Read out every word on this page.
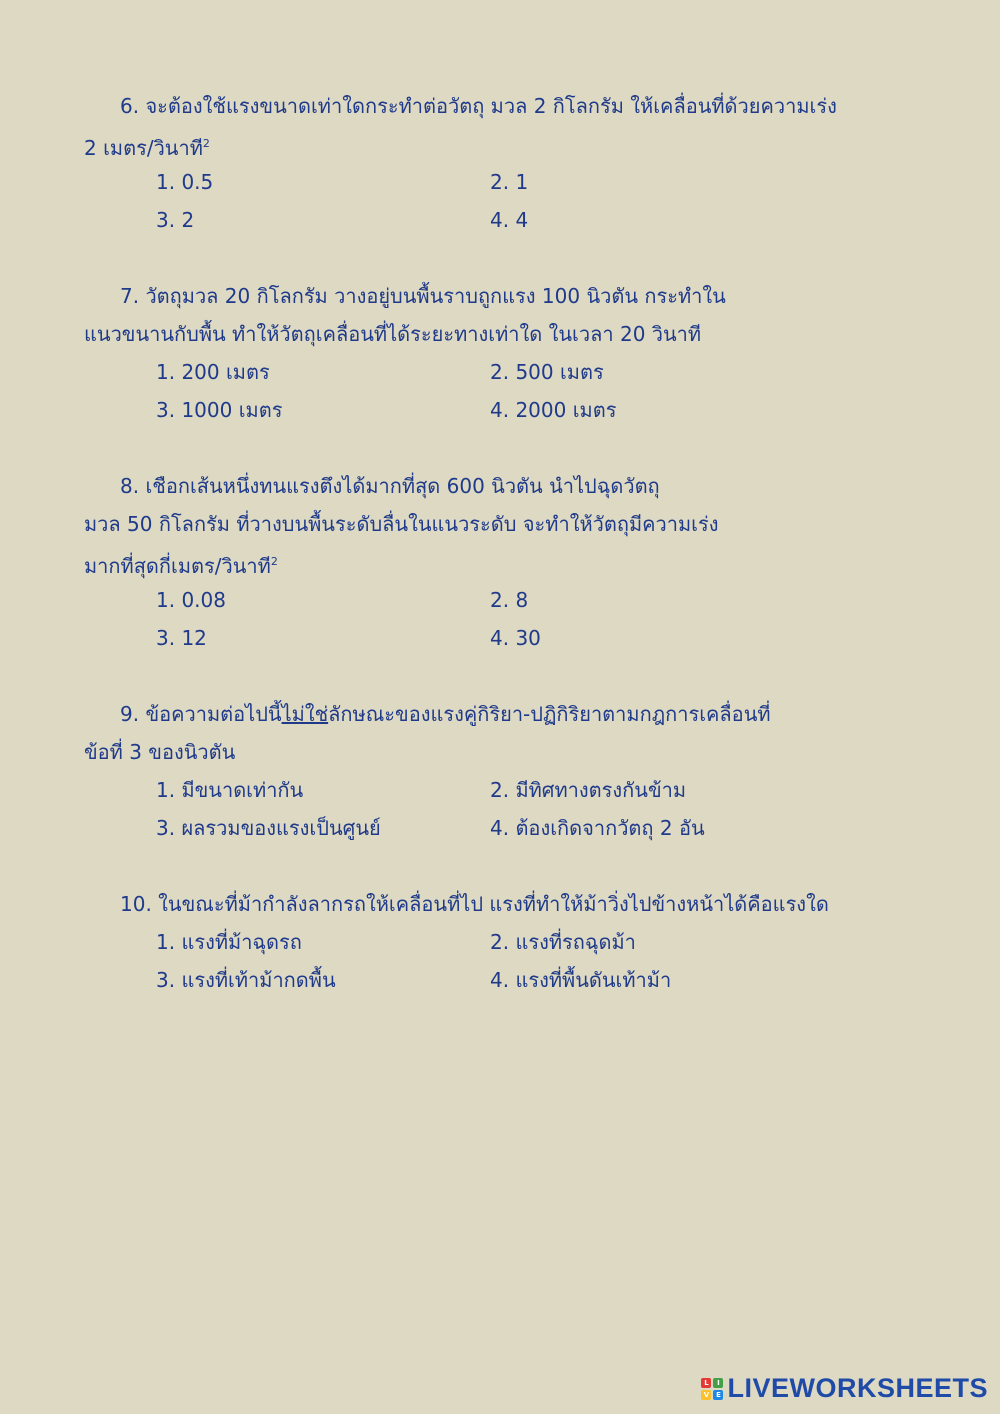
6. จะต้องใช้แรงขนาดเท่าใดกระทำต่อวัตถุ มวล 2 กิโลกรัม ให้เคลื่อนที่ด้วยความเร่ง
2 เมตร/วินาที$^2$
1. 0.5	2. 1
3. 2	4. 4
7. วัตถุมวล 20 กิโลกรัม วางอยู่บนพื้นราบถูกแรง 100 นิวตัน กระทำใน
แนวขนานกับพื้น ทำให้วัตถุเคลื่อนที่ได้ระยะทางเท่าใด ในเวลา 20 วินาที
1. 200 เมตร	2. 500 เมตร
3. 1000 เมตร	4. 2000 เมตร
8. เชือกเส้นหนึ่งทนแรงตึงได้มากที่สุด 600 นิวตัน นำไปฉุดวัตถุ
มวล 50 กิโลกรัม ที่วางบนพื้นระดับลื่นในแนวระดับ จะทำให้วัตถุมีความเร่ง
มากที่สุดกี่เมตร/วินาที$^2$
1. 0.08	2. 8
3. 12	4. 30
9. ข้อความต่อไปนี้ไม่ใช่ลักษณะของแรงคู่กิริยา-ปฏิกิริยาตามกฎการเคลื่อนที่
ข้อที่ 3 ของนิวตัน
1. มีขนาดเท่ากัน	2. มีทิศทางตรงกันข้าม
3. ผลรวมของแรงเป็นศูนย์	4. ต้องเกิดจากวัตถุ 2 อัน
10. ในขณะที่ม้ากำลังลากรถให้เคลื่อนที่ไป แรงที่ทำให้ม้าวิ่งไปข้างหน้าได้คือแรงใด
1. แรงที่ม้าฉุดรถ	2. แรงที่รถฉุดม้า
3. แรงที่เท้าม้ากดพื้น	4. แรงที่พื้นดันเท้าม้า
L	I
V E LIVEWORKSHEETS
